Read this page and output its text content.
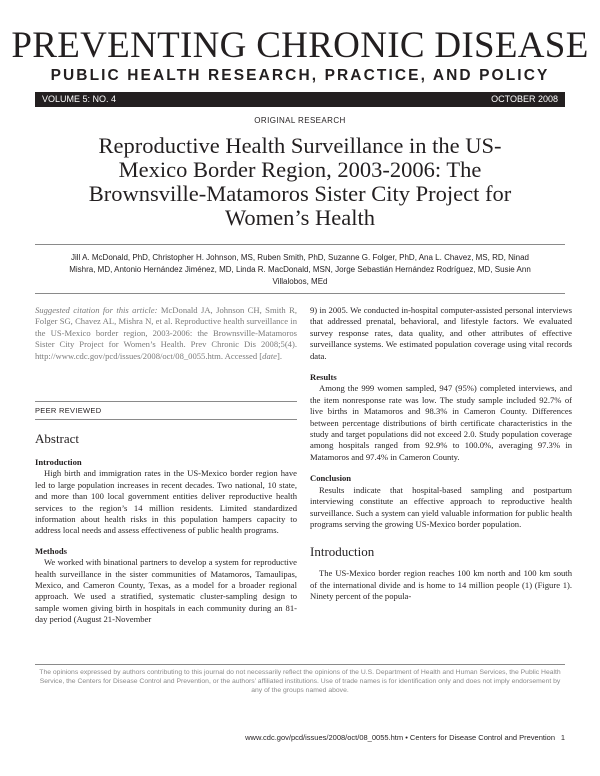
PREVENTING CHRONIC DISEASE
PUBLIC HEALTH RESEARCH, PRACTICE, AND POLICY
VOLUME 5: NO. 4	OCTOBER 2008
ORIGINAL RESEARCH
Reproductive Health Surveillance in the US-Mexico Border Region, 2003-2006: The Brownsville-Matamoros Sister City Project for Women’s Health
Jill A. McDonald, PhD, Christopher H. Johnson, MS, Ruben Smith, PhD, Suzanne G. Folger, PhD, Ana L. Chavez, MS, RD, Ninad Mishra, MD, Antonio Hernández Jiménez, MD, Linda R. MacDonald, MSN, Jorge Sebastián Hernández Rodríguez, MD, Susie Ann Villalobos, MEd

Suggested citation for this article: McDonald JA, Johnson CH, Smith R, Folger SG, Chavez AL, Mishra N, et al. Reproductive health surveillance in the US-Mexico border region, 2003-2006: the Brownsville-Matamoros Sister City Project for Women’s Health. Prev Chronic Dis 2008;5(4). http://www.cdc.gov/pcd/issues/2008/oct/08_0055.htm. Accessed [date].

PEER REVIEWED
Abstract
Introduction

High birth and immigration rates in the US-Mexico border region have led to large population increases in recent decades. Two national, 10 state, and more than 100 local government entities deliver reproductive health services to the region’s 14 million residents. Limited standardized information about health risks in this population hampers capacity to address local needs and assess effectiveness of public health programs.

Methods

We worked with binational partners to develop a system for reproductive health surveillance in the sister communities of Matamoros, Tamaulipas, Mexico, and Cameron County, Texas, as a model for a broader regional approach. We used a stratified, systematic cluster-sampling design to sample women giving birth in hospitals in each community during an 81-day period (August 21-November

9) in 2005. We conducted in-hospital computer-assisted personal interviews that addressed prenatal, behavioral, and lifestyle factors. We evaluated survey response rates, data quality, and other attributes of effective surveillance systems. We estimated population coverage using vital records data.

Results

Among the 999 women sampled, 947 (95%) completed interviews, and the item nonresponse rate was low. The study sample included 92.7% of live births in Matamoros and 98.3% in Cameron County. Differences between percentage distributions of birth certificate characteristics in the study and target populations did not exceed 2.0. Study population coverage among hospitals ranged from 92.9% to 100.0%, averaging 97.3% in Matamoros and 97.4% in Cameron County.

Conclusion

Results indicate that hospital-based sampling and postpartum interviewing constitute an effective approach to reproductive health surveillance. Such a system can yield valuable information for public health programs serving the growing US-Mexico border population.

Introduction

The US-Mexico border region reaches 100 km north and 100 km south of the international divide and is home to 14 million people (1) (Figure 1). Ninety percent of the popula-

The opinions expressed by authors contributing to this journal do not necessarily reflect the opinions of the U.S. Department of Health and Human Services, the Public Health Service, the Centers for Disease Control and Prevention, or the authors’ affiliated institutions. Use of trade names is for identification only and does not imply endorsement by any of the groups named above.
www.cdc.gov/pcd/issues/2008/oct/08_0055.htm • Centers for Disease Control and Prevention 1
